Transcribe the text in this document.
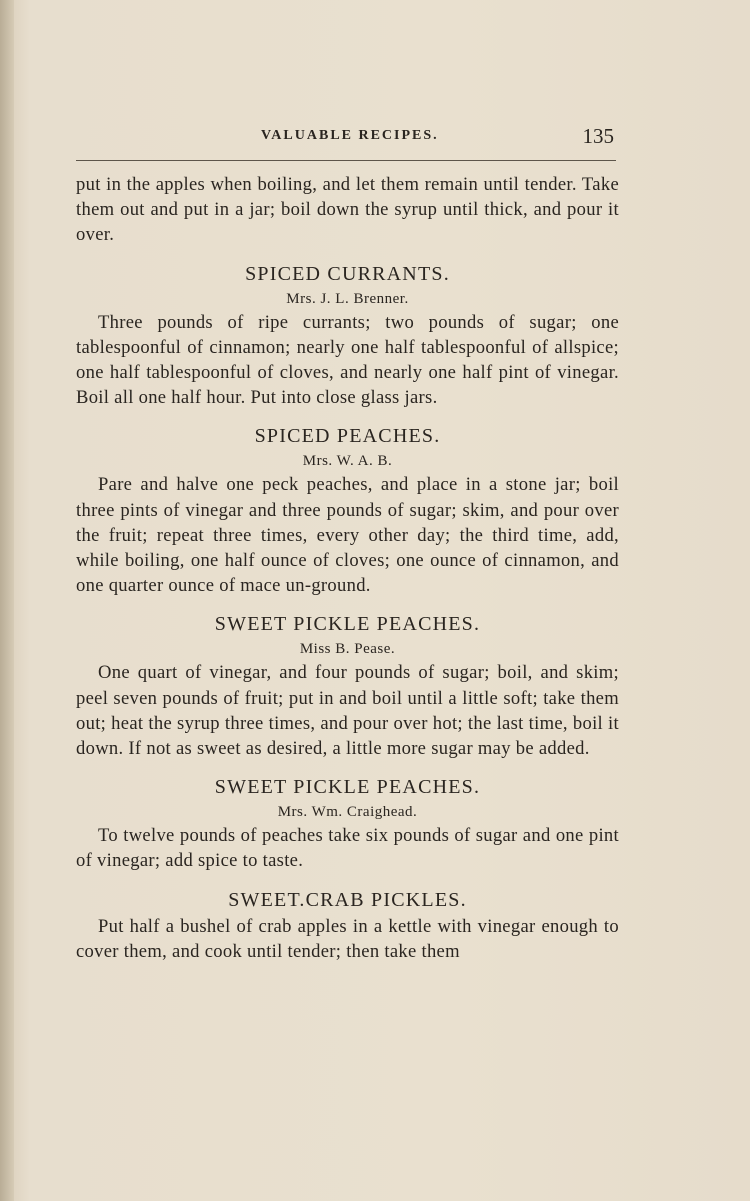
VALUABLE RECIPES.	135

put in the apples when boiling, and let them remain until tender. Take them out and put in a jar; boil down the syrup until thick, and pour it over.

SPICED CURRANTS.

Mrs. J. L. Brenner.

Three pounds of ripe currants; two pounds of sugar; one tablespoonful of cinnamon; nearly one half tablespoonful of allspice; one half tablespoonful of cloves, and nearly one half pint of vinegar. Boil all one half hour. Put into close glass jars.

SPICED PEACHES.

Mrs. W. A. B.

Pare and halve one peck peaches, and place in a stone jar; boil three pints of vinegar and three pounds of sugar; skim, and pour over the fruit; repeat three times, every other day; the third time, add, while boiling, one half ounce of cloves; one ounce of cinnamon, and one quarter ounce of mace un-ground.

SWEET PICKLE PEACHES.

Miss B. Pease.

One quart of vinegar, and four pounds of sugar; boil, and skim; peel seven pounds of fruit; put in and boil until a little soft; take them out; heat the syrup three times, and pour over hot; the last time, boil it down. If not as sweet as desired, a little more sugar may be added.

SWEET PICKLE PEACHES.

Mrs. Wm. Craighead.

To twelve pounds of peaches take six pounds of sugar and one pint of vinegar; add spice to taste.

SWEET.CRAB PICKLES.

Put half a bushel of crab apples in a kettle with vinegar enough to cover them, and cook until tender; then take them
